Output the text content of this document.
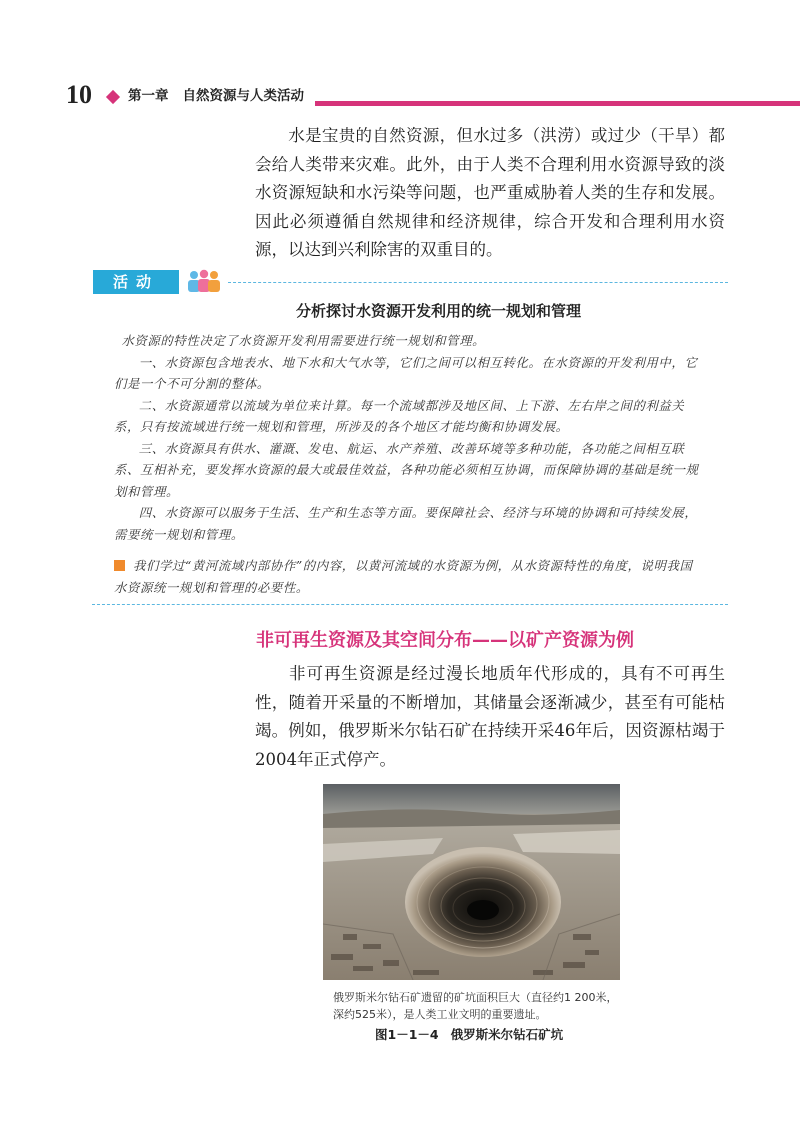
10	第一章 自然资源与人类活动
水是宝贵的自然资源，但水过多（洪涝）或过少（干旱）都会给人类带来灾难。此外，由于人类不合理利用水资源导致的淡水资源短缺和水污染等问题，也严重威胁着人类的生存和发展。因此必须遵循自然规律和经济规律，综合开发和合理利用水资源，以达到兴利除害的双重目的。
活动
分析探讨水资源开发利用的统一规划和管理

水资源的特性决定了水资源开发利用需要进行统一规划和管理。

一、水资源包含地表水、地下水和大气水等，它们之间可以相互转化。在水资源的开发利用中，它们是一个不可分割的整体。

二、水资源通常以流域为单位来计算。每一个流域都涉及地区间、上下游、左右岸之间的利益关系，只有按流域进行统一规划和管理，所涉及的各个地区才能均衡和协调发展。

三、水资源具有供水、灌溉、发电、航运、水产养殖、改善环境等多种功能，各功能之间相互联系、互相补充，要发挥水资源的最大或最佳效益，各种功能必须相互协调，而保障协调的基础是统一规划和管理。

四、水资源可以服务于生活、生产和生态等方面。要保障社会、经济与环境的协调和可持续发展，需要统一规划和管理。

我们学过“黄河流域内部协作”的内容，以黄河流域的水资源为例，从水资源特性的角度，说明我国水资源统一规划和管理的必要性。

非可再生资源及其空间分布——以矿产资源为例
非可再生资源是经过漫长地质年代形成的，具有不可再生性，随着开采量的不断增加，其储量会逐渐减少，甚至有可能枯竭。例如，俄罗斯米尔钻石矿在持续开采46年后，因资源枯竭于2004年正式停产。
俄罗斯米尔钻石矿遗留的矿坑面积巨大（直径约1 200米，深约525米），是人类工业文明的重要遗址。
图1－1－4 俄罗斯米尔钻石矿坑
